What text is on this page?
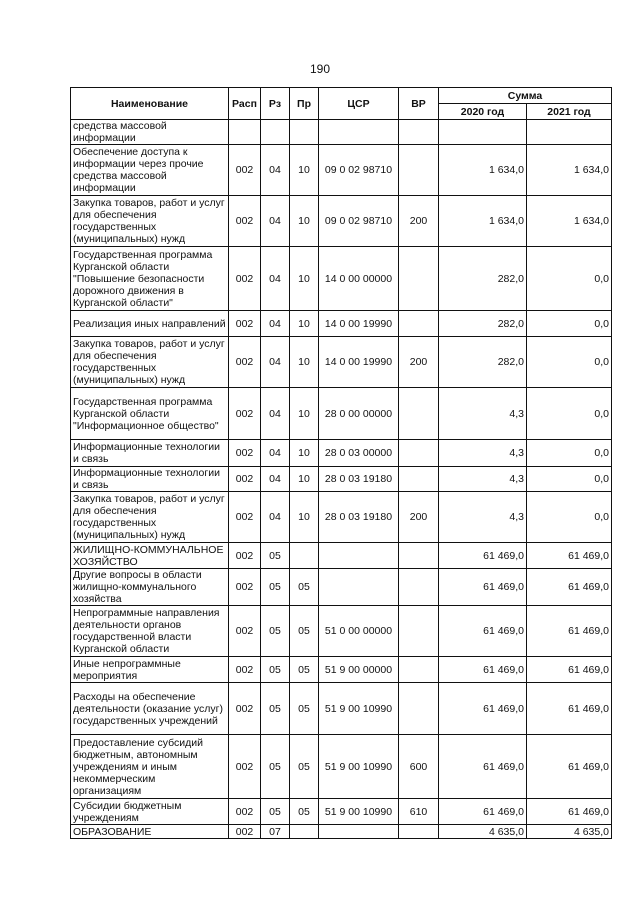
190
Наименование	Расп	Рз	Пр	ЦСР	ВР	Сумма	
						2020 год	2021 год
средства массовой информации							
Обеспечение доступа к информации через прочие средства массовой информации	002	04	10	09 0 02 98710		1 634,0	1 634,0
Закупка товаров, работ и услуг для обеспечения государственных (муниципальных) нужд	002	04	10	09 0 02 98710	200	1 634,0	1 634,0
Государственная программа Курганской области "Повышение безопасности дорожного движения в Курганской области"	002	04	10	14 0 00 00000		282,0	0,0
Реализация иных направлений	002	04	10	14 0 00 19990		282,0	0,0
Закупка товаров, работ и услуг для обеспечения государственных (муниципальных) нужд	002	04	10	14 0 00 19990	200	282,0	0,0
Государственная программа Курганской области "Информационное общество"	002	04	10	28 0 00 00000		4,3	0,0
Информационные технологии и связь	002	04	10	28 0 03 00000		4,3	0,0
Информационные технологии и связь	002	04	10	28 0 03 19180		4,3	0,0
Закупка товаров, работ и услуг для обеспечения государственных (муниципальных) нужд	002	04	10	28 0 03 19180	200	4,3	0,0
ЖИЛИЩНО-КОММУНАЛЬНОЕ ХОЗЯЙСТВО	002	05				61 469,0	61 469,0
Другие вопросы в области жилищно-коммунального хозяйства	002	05	05			61 469,0	61 469,0
Непрограммные направления деятельности органов государственной власти Курганской области	002	05	05	51 0 00 00000		61 469,0	61 469,0
Иные непрограммные мероприятия	002	05	05	51 9 00 00000		61 469,0	61 469,0
Расходы на обеспечение деятельности (оказание услуг) государственных учреждений	002	05	05	51 9 00 10990		61 469,0	61 469,0
Предоставление субсидий бюджетным, автономным учреждениям и иным некоммерческим организациям	002	05	05	51 9 00 10990	600	61 469,0	61 469,0
Субсидии бюджетным учреждениям	002	05	05	51 9 00 10990	610	61 469,0	61 469,0
ОБРАЗОВАНИЕ	002	07				4 635,0	4 635,0
